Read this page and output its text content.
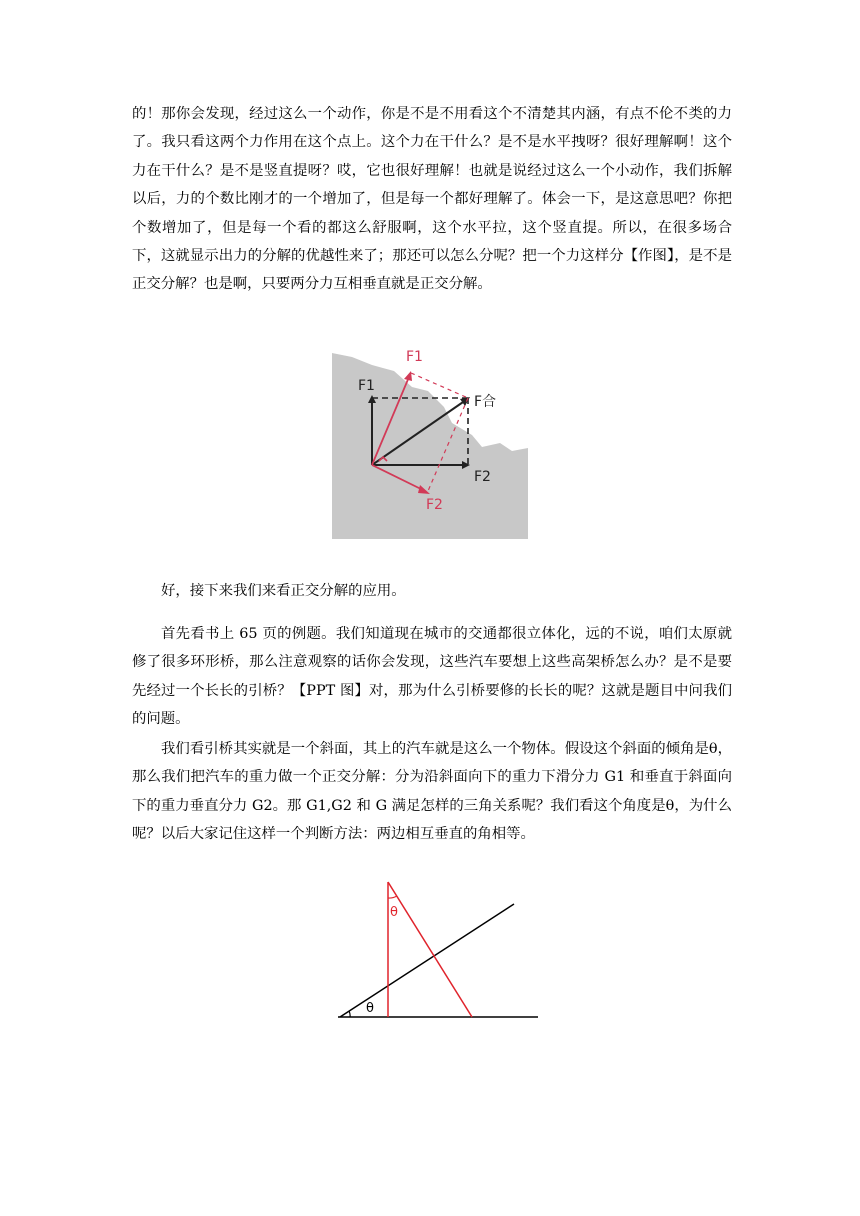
的！那你会发现，经过这么一个动作，你是不是不用看这个不清楚其内涵，有点不伦不类的力了。我只看这两个力作用在这个点上。这个力在干什么？是不是水平拽呀？很好理解啊！这个力在干什么？是不是竖直提呀？哎，它也很好理解！也就是说经过这么一个小动作，我们拆解以后，力的个数比刚才的一个增加了，但是每一个都好理解了。体会一下，是这意思吧？你把个数增加了，但是每一个看的都这么舒服啊，这个水平拉，这个竖直提。所以，在很多场合下，这就显示出力的分解的优越性来了；那还可以怎么分呢？把一个力这样分【作图】，是不是正交分解？也是啊，只要两分力互相垂直就是正交分解。

F1
F1
F合
F2
F2

好，接下来我们来看正交分解的应用。

首先看书上 65 页的例题。我们知道现在城市的交通都很立体化，远的不说，咱们太原就修了很多环形桥，那么注意观察的话你会发现，这些汽车要想上这些高架桥怎么办？是不是要先经过一个长长的引桥？【PPT 图】对，那为什么引桥要修的长长的呢？这就是题目中问我们的问题。

我们看引桥其实就是一个斜面，其上的汽车就是这么一个物体。假设这个斜面的倾角是θ，那么我们把汽车的重力做一个正交分解：分为沿斜面向下的重力下滑分力 G1 和垂直于斜面向下的重力垂直分力 G2。那 G1,G2 和 G 满足怎样的三角关系呢？我们看这个角度是θ，为什么呢？以后大家记住这样一个判断方法：两边相互垂直的角相等。

θ
θ
